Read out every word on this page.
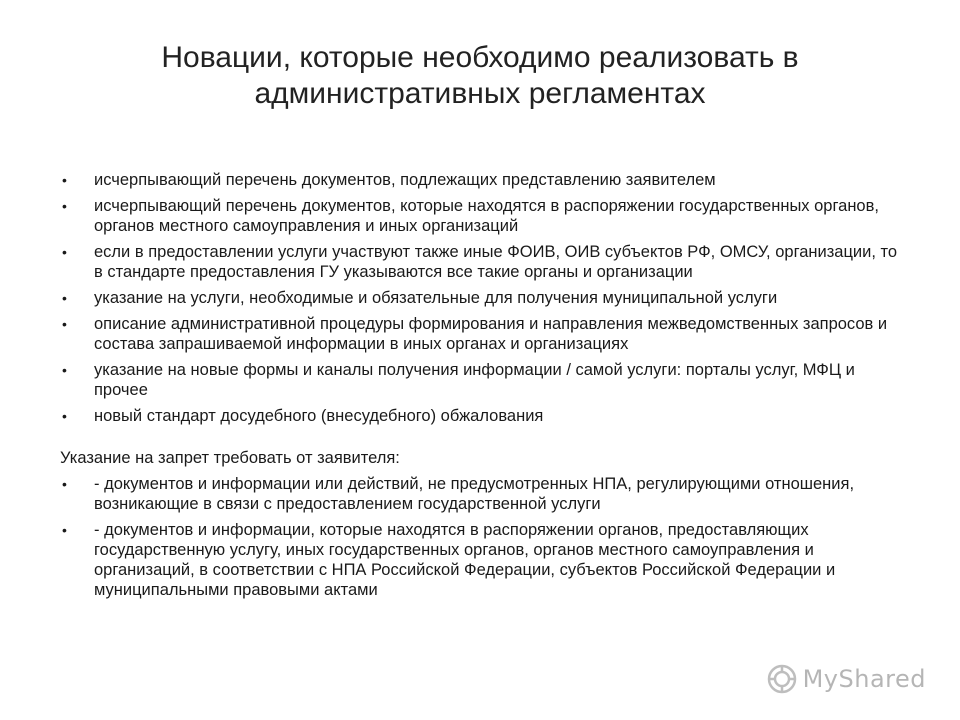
Новации, которые необходимо реализовать в
административных регламентах
• исчерпывающий перечень документов, подлежащих представлению заявителем
• исчерпывающий перечень документов, которые находятся в распоряжении государственных органов, органов местного самоуправления и иных организаций
• если в предоставлении услуги участвуют также иные ФОИВ, ОИВ субъектов РФ, ОМСУ, организации, то в стандарте предоставления ГУ указываются все такие органы и организации
• указание на услуги, необходимые и обязательные для получения муниципальной услуги
• описание административной процедуры формирования и направления межведомственных запросов и состава запрашиваемой информации в иных органах и организациях
• указание на новые формы и каналы получения информации / самой услуги: порталы услуг, МФЦ и прочее
• новый стандарт досудебного (внесудебного) обжалования
Указание на запрет требовать от заявителя:
• - документов и информации или действий, не предусмотренных НПА, регулирующими отношения, возникающие в связи с предоставлением государственной услуги
• - документов и информации, которые находятся в распоряжении органов, предоставляющих государственную услугу, иных государственных органов, органов местного самоуправления и организаций, в соответствии с НПА Российской Федерации, субъектов Российской Федерации и муниципальными правовыми актами
MyShared
